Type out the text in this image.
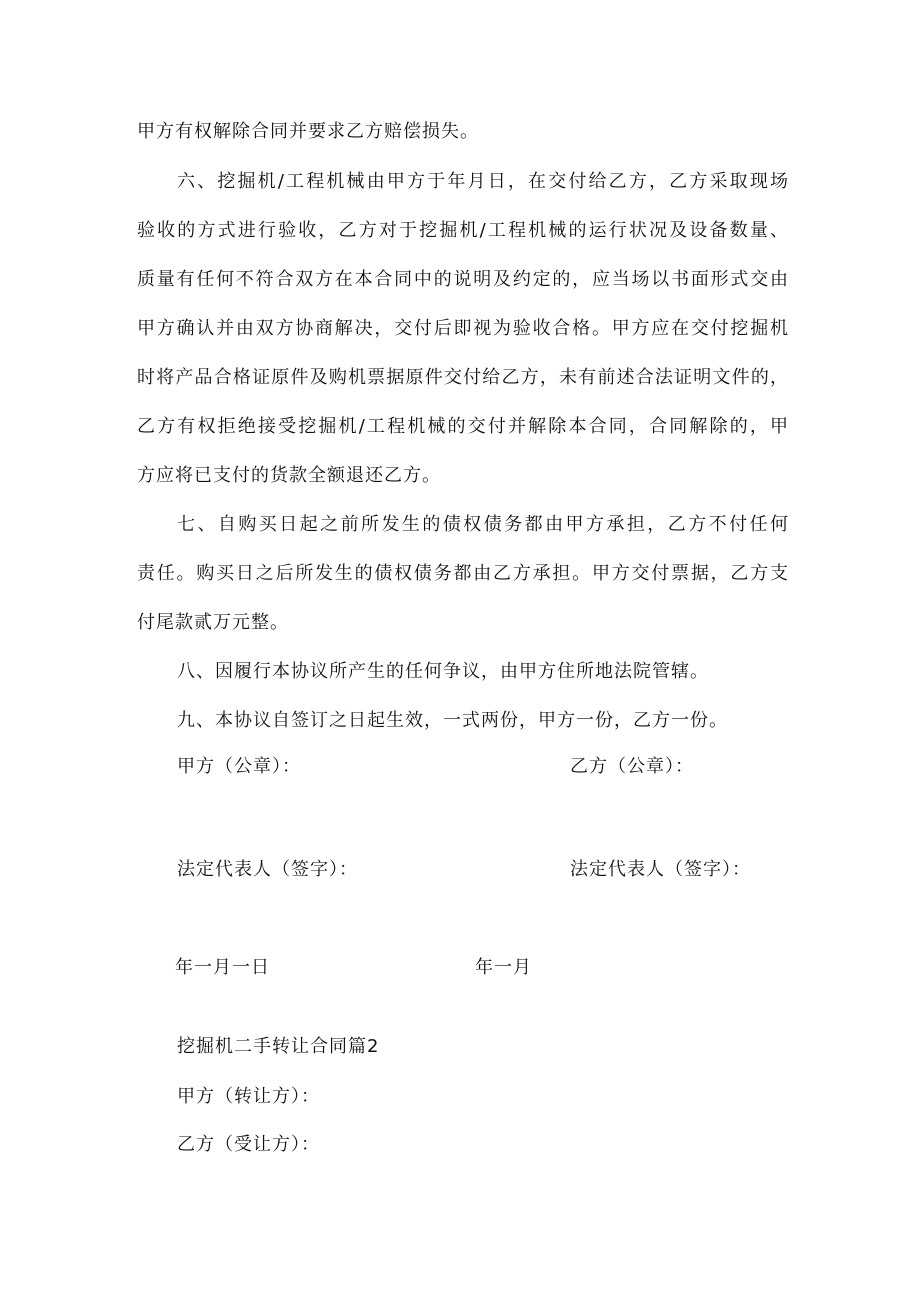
甲方有权解除合同并要求乙方赔偿损失。
六、挖掘机/工程机械由甲方于年月日，在交付给乙方，乙方采取现场
验收的方式进行验收，乙方对于挖掘机/工程机械的运行状况及设备数量、
质量有任何不符合双方在本合同中的说明及约定的，应当场以书面形式交由
甲方确认并由双方协商解决，交付后即视为验收合格。甲方应在交付挖掘机
时将产品合格证原件及购机票据原件交付给乙方，未有前述合法证明文件的，
乙方有权拒绝接受挖掘机/工程机械的交付并解除本合同，合同解除的，甲
方应将已支付的货款全额退还乙方。
七、自购买日起之前所发生的债权债务都由甲方承担，乙方不付任何
责任。购买日之后所发生的债权债务都由乙方承担。甲方交付票据，乙方支
付尾款贰万元整。
八、因履行本协议所产生的任何争议，由甲方住所地法院管辖。
九、本协议自签订之日起生效，一式两份，甲方一份，乙方一份。
甲方（公章）：	乙方（公章）：
法定代表人（签字）：	法定代表人（签字）：
年一月一日	年一月
挖掘机二手转让合同篇2
甲方（转让方）：
乙方（受让方）：
